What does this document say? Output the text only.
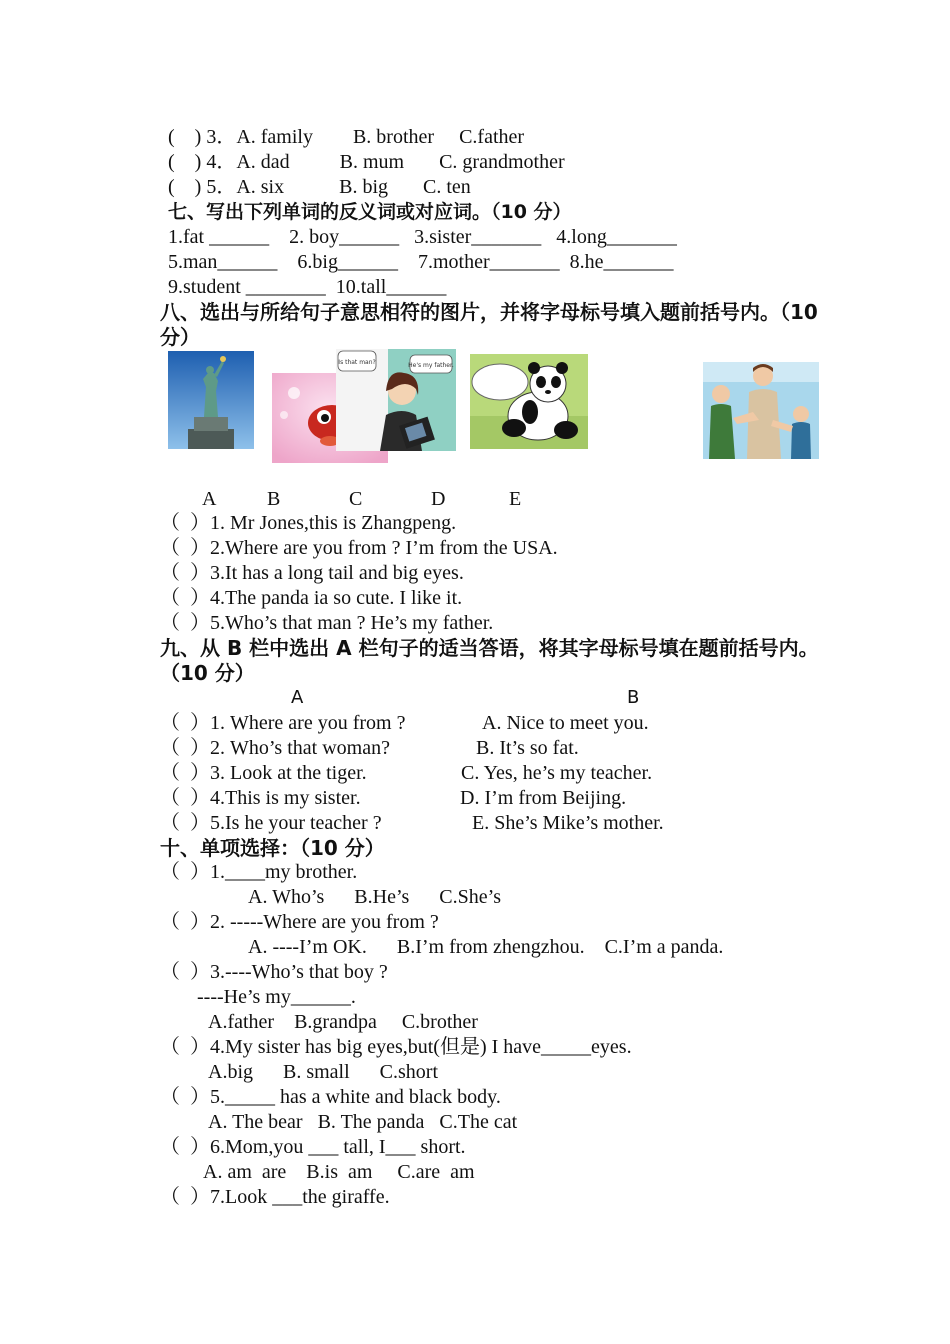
(    ) 3．A. family        B. brother     C.father
(    ) 4．A. dad          B. mum       C. grandmother
(    ) 5．A. six           B. big       C. ten
七、写出下列单词的反义词或对应词。（10 分）
1.fat ______    2. boy______   3.sister_______   4.long_______
5.man______    6.big______    7.mother_______  8.he_______
9.student ________  10.tall______
八、选出与所给句子意思相符的图片，并将字母标号填入题前括号内。（10
分）
Is that man?	He's my father.
A	B	C	D	E
（  ）1. Mr Jones,this is Zhangpeng.
（  ）2.Where are you from ? I’m from the USA.
（  ）3.It has a long tail and big eyes.
（  ）4.The panda ia so cute. I like it.
（  ）5.Who’s that man ? He’s my father.
九、从 B 栏中选出 A 栏句子的适当答语，将其字母标号填在题前括号内。
（10 分）
A	B
（  ）1. Where are you from ?	A. Nice to meet you.
（  ）2. Who’s that woman?	B. It’s so fat.
（  ）3. Look at the tiger.	C. Yes, he’s my teacher.
（  ）4.This is my sister.	D. I’m from Beijing.
（  ）5.Is he your teacher ?	E. She’s Mike’s mother.
十、单项选择：（10 分）
（  ）1.____my brother.
A. Who’s      B.He’s      C.She’s
（  ）2. -----Where are you from ?
A. ----I’m OK.      B.I’m from zhengzhou.    C.I’m a panda.
（  ）3.----Who’s that boy ?
----He’s my______.
A.father    B.grandpa     C.brother
（  ）4.My sister has big eyes,but(但是) I have_____eyes.
A.big      B. small      C.short
（  ）5._____ has a white and black body.
A. The bear   B. The panda   C.The cat
（  ）6.Mom,you ___ tall, I___ short.
A. am  are    B.is  am     C.are  am
（  ）7.Look ___the giraffe.
